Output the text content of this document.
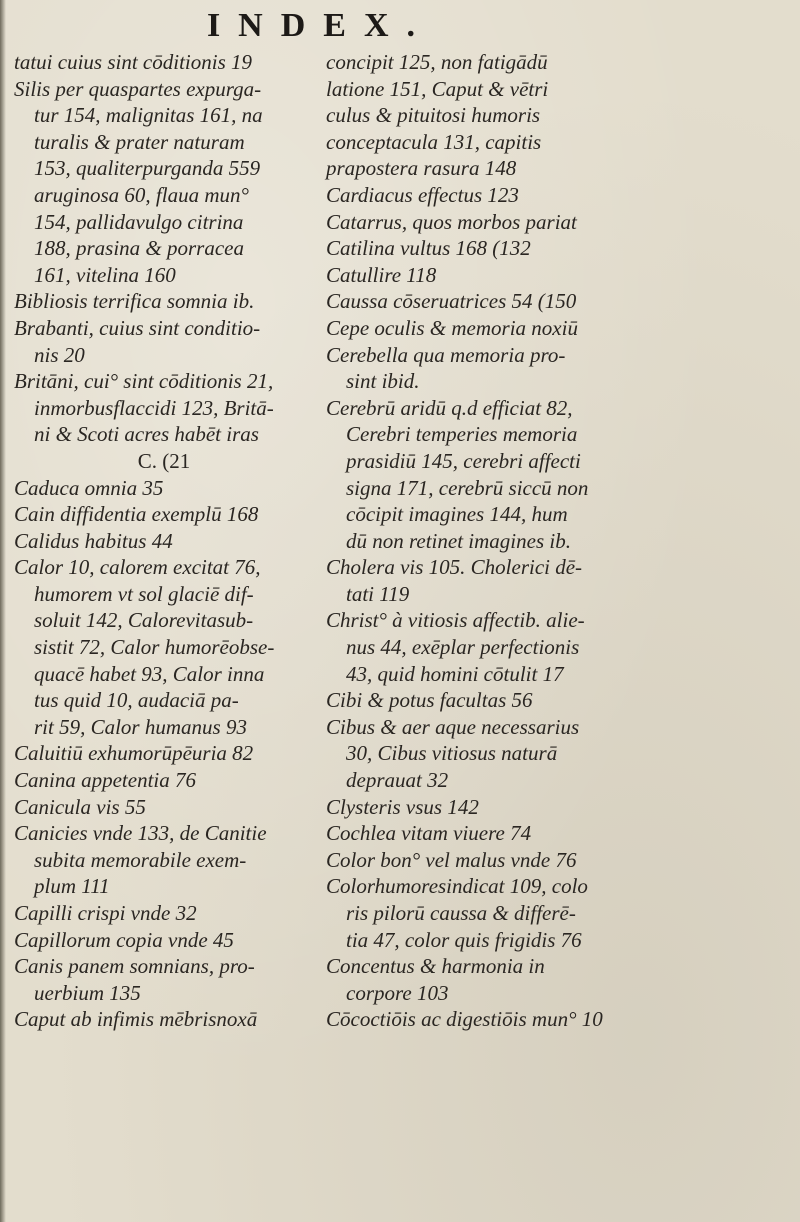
INDEX.
tatui cuius sint cōditionis 19
Silis per quaspartes expurga-
tur 154, malignitas 161, na
turalis & prater naturam
153, qualiterpurganda 559
aruginosa 60, flaua mun°
154, pallidavulgo citrina
188, prasina & porracea
161, vitelina 160
Bibliosis terrifica somnia ib.
Brabanti, cuius sint conditio-
nis 20
Britāni, cui° sint cōditionis 21,
inmorbusflaccidi 123, Britā-
ni & Scoti acres habēt iras
C. (21
Caduca omnia 35
Cain diffidentia exemplū 168
Calidus habitus 44
Calor 10, calorem excitat 76,
humorem vt sol glaciē dif-
soluit 142, Calorevitasub-
sistit 72, Calor humorēobse-
quacē habet 93, Calor inna
tus quid 10, audaciā pa-
rit 59, Calor humanus 93
Caluitiū exhumorūpēuria 82
Canina appetentia 76
Canicula vis 55
Canicies vnde 133, de Canitie
subita memorabile exem-
plum 111
Capilli crispi vnde 32
Capillorum copia vnde 45
Canis panem somnians, pro-
uerbium 135
Caput ab infimis mēbrisnoxā
concipit 125, non fatigādū
latione 151, Caput & vētri
culus & pituitosi humoris
conceptacula 131, capitis
prapostera rasura 148
Cardiacus effectus 123
Catarrus, quos morbos pariat
Catilina vultus 168 (132
Catullire 118
Caussa cōseruatrices 54 (150
Cepe oculis & memoria noxiū
Cerebella qua memoria pro-
sint ibid.
Cerebrū aridū q.d efficiat 82,
Cerebri temperies memoria
prasidiū 145, cerebri affecti
signa 171, cerebrū siccū non
cōcipit imagines 144, hum
dū non retinet imagines ib.
Cholera vis 105. Cholerici dē-
tati 119
Christ° à vitiosis affectib. alie-
nus 44, exēplar perfectionis
43, quid homini cōtulit 17
Cibi & potus facultas 56
Cibus & aer aque necessarius
30, Cibus vitiosus naturā
deprauat 32
Clysteris vsus 142
Cochlea vitam viuere 74
Color bon° vel malus vnde 76
Colorhumoresindicat 109, colo
ris pilorū caussa & differē-
tia 47, color quis frigidis 76
Concentus & harmonia in
corpore 103
Cōcoctiōis ac digestiōis mun° 10
